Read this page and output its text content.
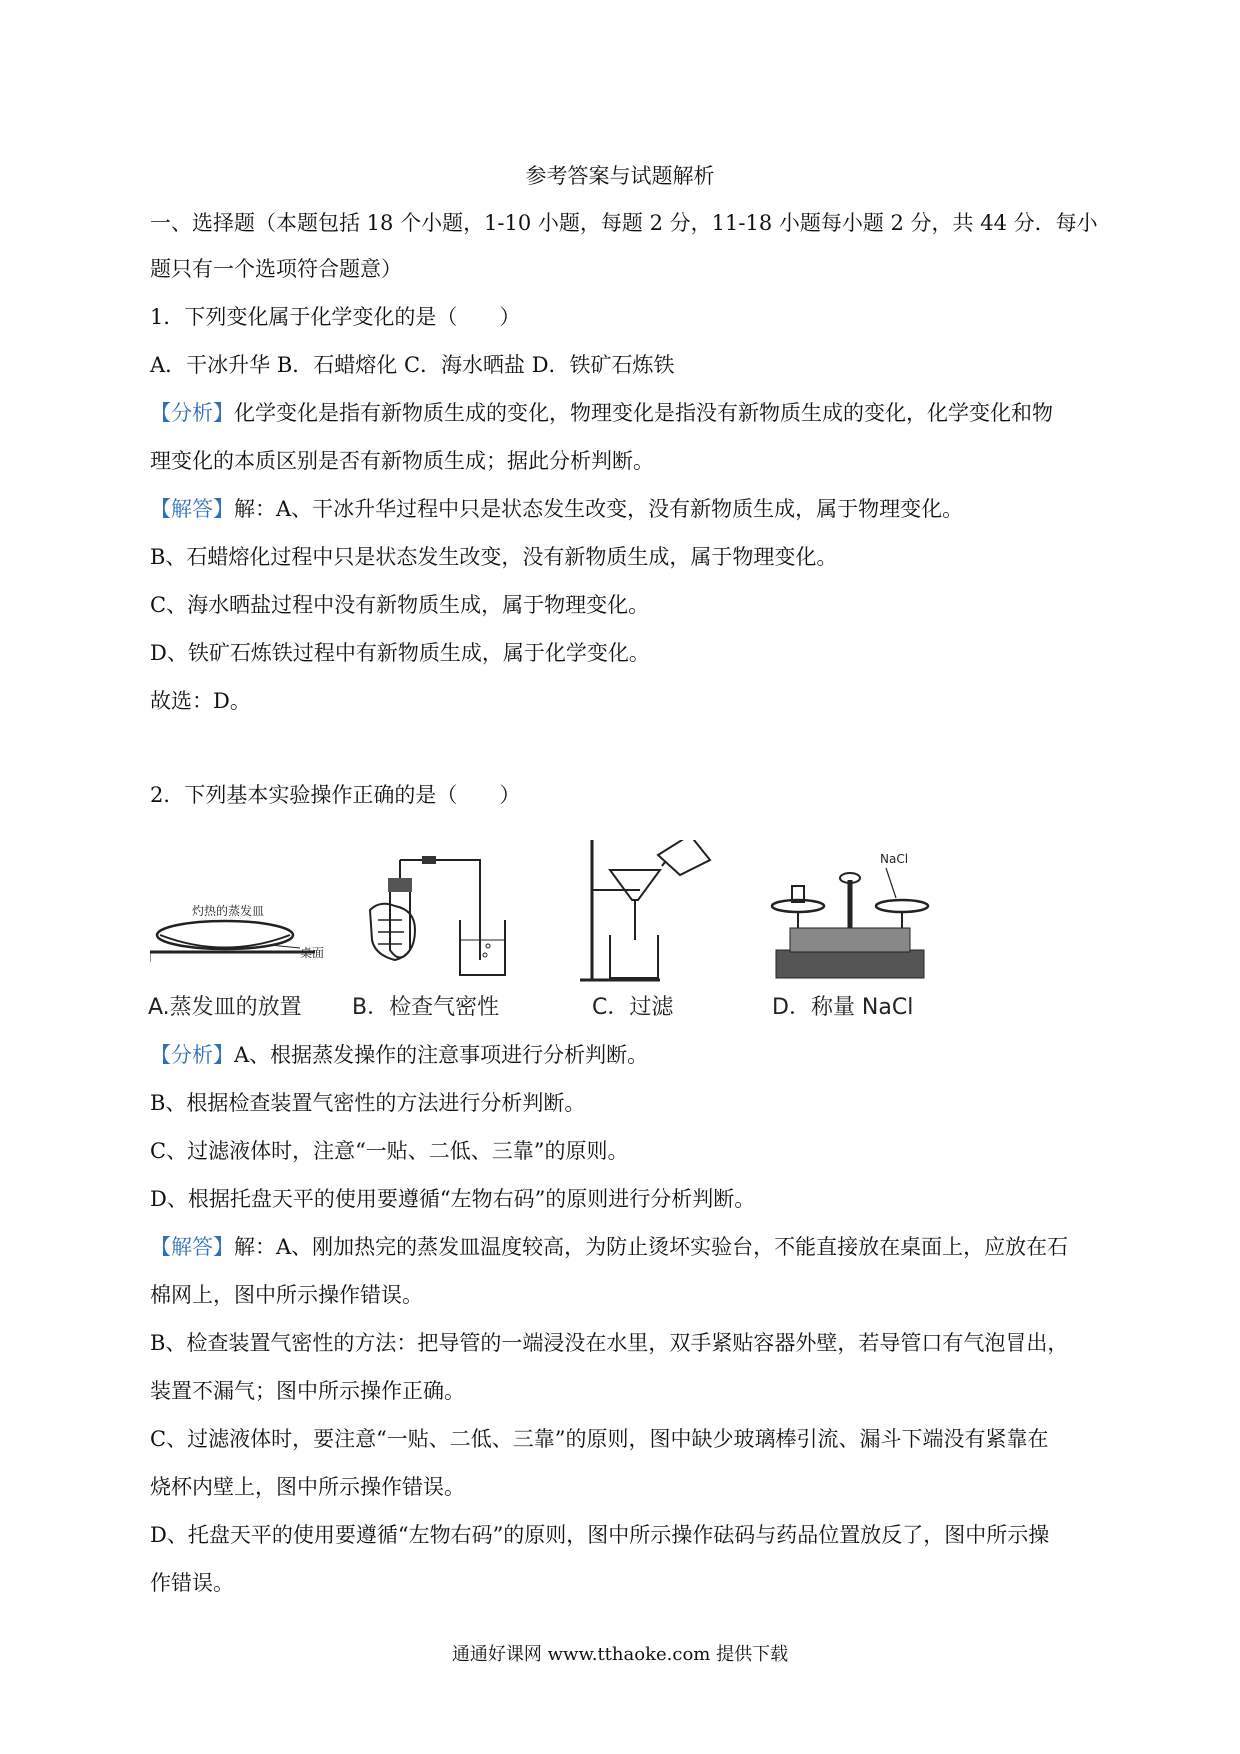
参考答案与试题解析
一、选择题（本题包括 18 个小题，1-10 小题，每题 2 分，11-18 小题每小题 2 分，共 44 分．每小
题只有一个选项符合题意）
1．下列变化属于化学变化的是（　　）
A．干冰升华 B．石蜡熔化 C．海水晒盐 D．铁矿石炼铁
【分析】化学变化是指有新物质生成的变化，物理变化是指没有新物质生成的变化，化学变化和物
理变化的本质区别是否有新物质生成；据此分析判断。
【解答】解：A、干冰升华过程中只是状态发生改变，没有新物质生成，属于物理变化。
B、石蜡熔化过程中只是状态发生改变，没有新物质生成，属于物理变化。
C、海水晒盐过程中没有新物质生成，属于物理变化。
D、铁矿石炼铁过程中有新物质生成，属于化学变化。
故选：D。
2．下列基本实验操作正确的是（　　）
灼热的蒸发皿
桌面
A.蒸发皿的放置 B．检查气密性	C．过滤
NaCl
D．称量 NaCl
【分析】A、根据蒸发操作的注意事项进行分析判断。
B、根据检查装置气密性的方法进行分析判断。
C、过滤液体时，注意“一贴、二低、三靠”的原则。
D、根据托盘天平的使用要遵循“左物右码”的原则进行分析判断。
【解答】解：A、刚加热完的蒸发皿温度较高，为防止烫坏实验台，不能直接放在桌面上，应放在石
棉网上，图中所示操作错误。
B、检查装置气密性的方法：把导管的一端浸没在水里，双手紧贴容器外壁，若导管口有气泡冒出，
装置不漏气；图中所示操作正确。
C、过滤液体时，要注意“一贴、二低、三靠”的原则，图中缺少玻璃棒引流、漏斗下端没有紧靠在
烧杯内壁上，图中所示操作错误。
D、托盘天平的使用要遵循“左物右码”的原则，图中所示操作砝码与药品位置放反了，图中所示操
作错误。
通通好课网 www.tthaoke.com 提供下载
